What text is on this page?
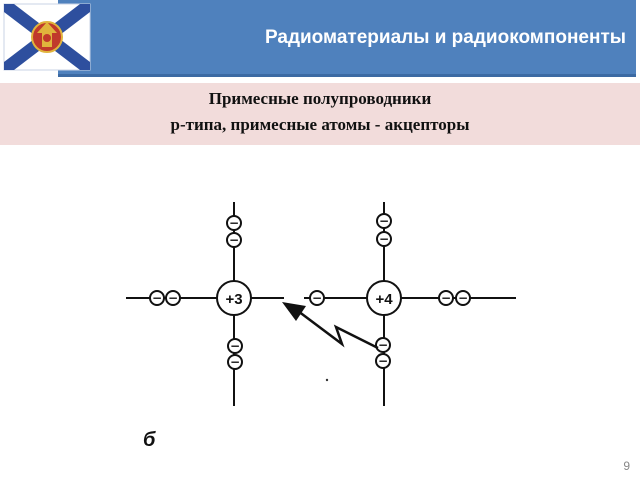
Радиоматериалы и радиокомпоненты
Примесные полупроводники
p-типа, примесные атомы - акцепторы
−
−
−
−
− −
−
−
−
−
−	− −
+3	+4
б
9
